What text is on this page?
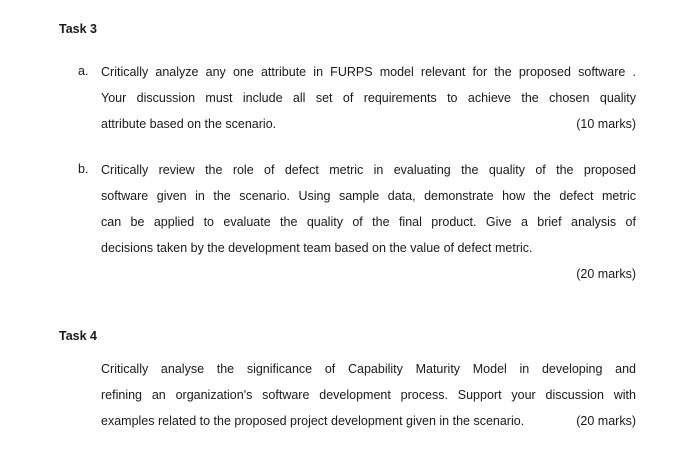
Task 3
a. Critically analyze any one attribute in FURPS model relevant for the proposed software .
Your discussion must include all set of requirements to achieve the chosen quality
attribute based on the scenario.	(10 marks)
b. Critically review the role of defect metric in evaluating the quality of the proposed
software given in the scenario. Using sample data, demonstrate how the defect metric
can be applied to evaluate the quality of the final product. Give a brief analysis of
decisions taken by the development team based on the value of defect metric.
(20 marks)
Task 4
Critically analyse the significance of Capability Maturity Model in developing and
refining an organization's software development process. Support your discussion with
examples related to the proposed project development given in the scenario.	(20 marks)
